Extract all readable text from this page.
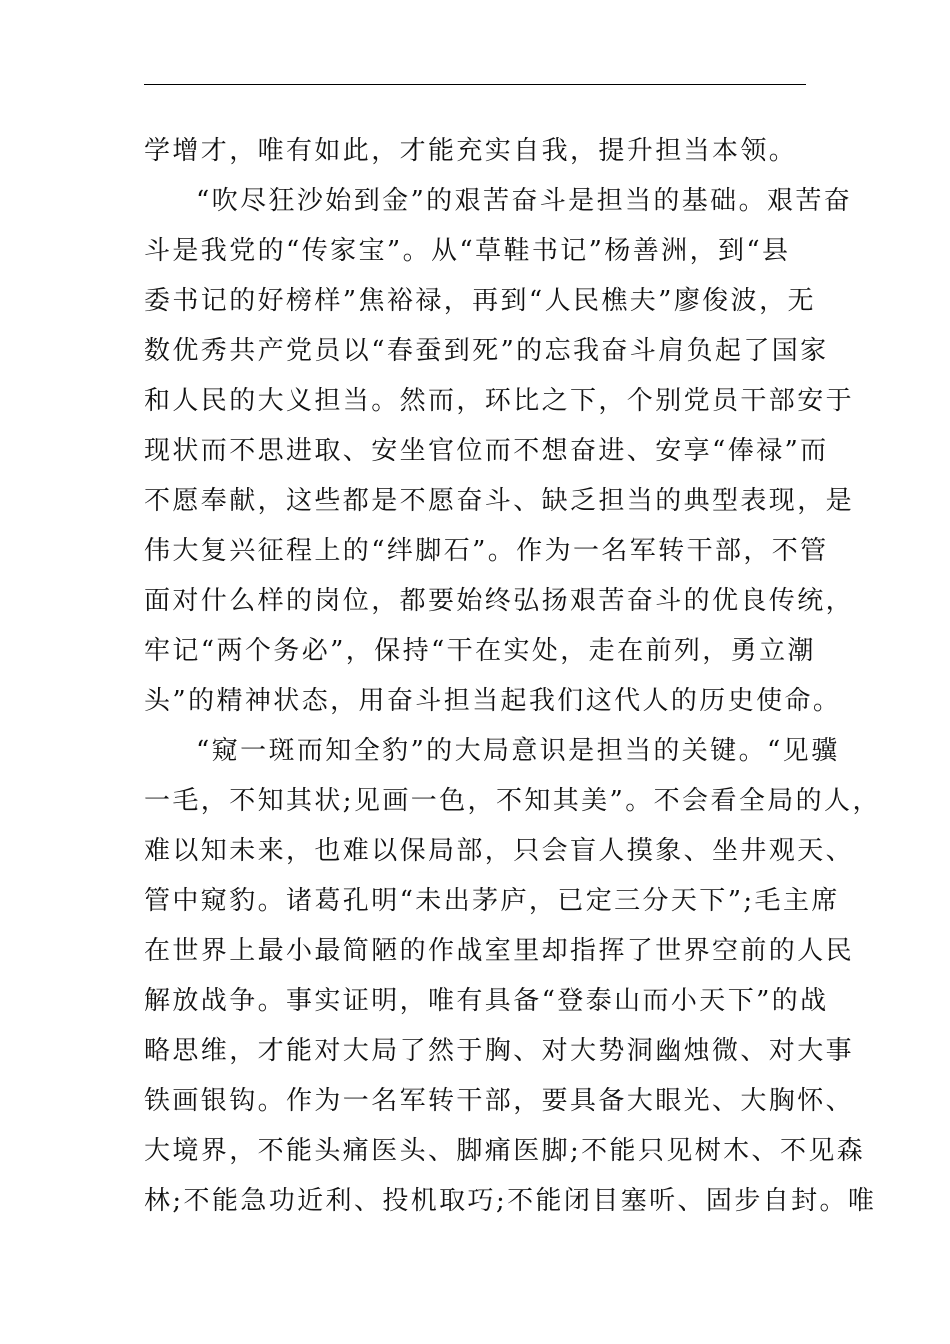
学增才，唯有如此，才能充实自我，提升担当本领。
“吹尽狂沙始到金”的艰苦奋斗是担当的基础。艰苦奋
斗是我党的“传家宝”。从“草鞋书记”杨善洲，到“县
委书记的好榜样”焦裕禄，再到“人民樵夫”廖俊波，无
数优秀共产党员以“春蚕到死”的忘我奋斗肩负起了国家
和人民的大义担当。然而，环比之下，个别党员干部安于
现状而不思进取、安坐官位而不想奋进、安享“俸禄”而
不愿奉献，这些都是不愿奋斗、缺乏担当的典型表现，是
伟大复兴征程上的“绊脚石”。作为一名军转干部，不管
面对什么样的岗位，都要始终弘扬艰苦奋斗的优良传统，
牢记“两个务必”，保持“干在实处，走在前列，勇立潮
头”的精神状态，用奋斗担当起我们这代人的历史使命。
“窥一斑而知全豹”的大局意识是担当的关键。“见骥
一毛，不知其状;见画一色，不知其美”。不会看全局的人，
难以知未来，也难以保局部，只会盲人摸象、坐井观天、
管中窥豹。诸葛孔明“未出茅庐，已定三分天下”;毛主席
在世界上最小最简陋的作战室里却指挥了世界空前的人民
解放战争。事实证明，唯有具备“登泰山而小天下”的战
略思维，才能对大局了然于胸、对大势洞幽烛微、对大事
铁画银钩。作为一名军转干部，要具备大眼光、大胸怀、
大境界，不能头痛医头、脚痛医脚;不能只见树木、不见森
林;不能急功近利、投机取巧;不能闭目塞听、固步自封。唯
